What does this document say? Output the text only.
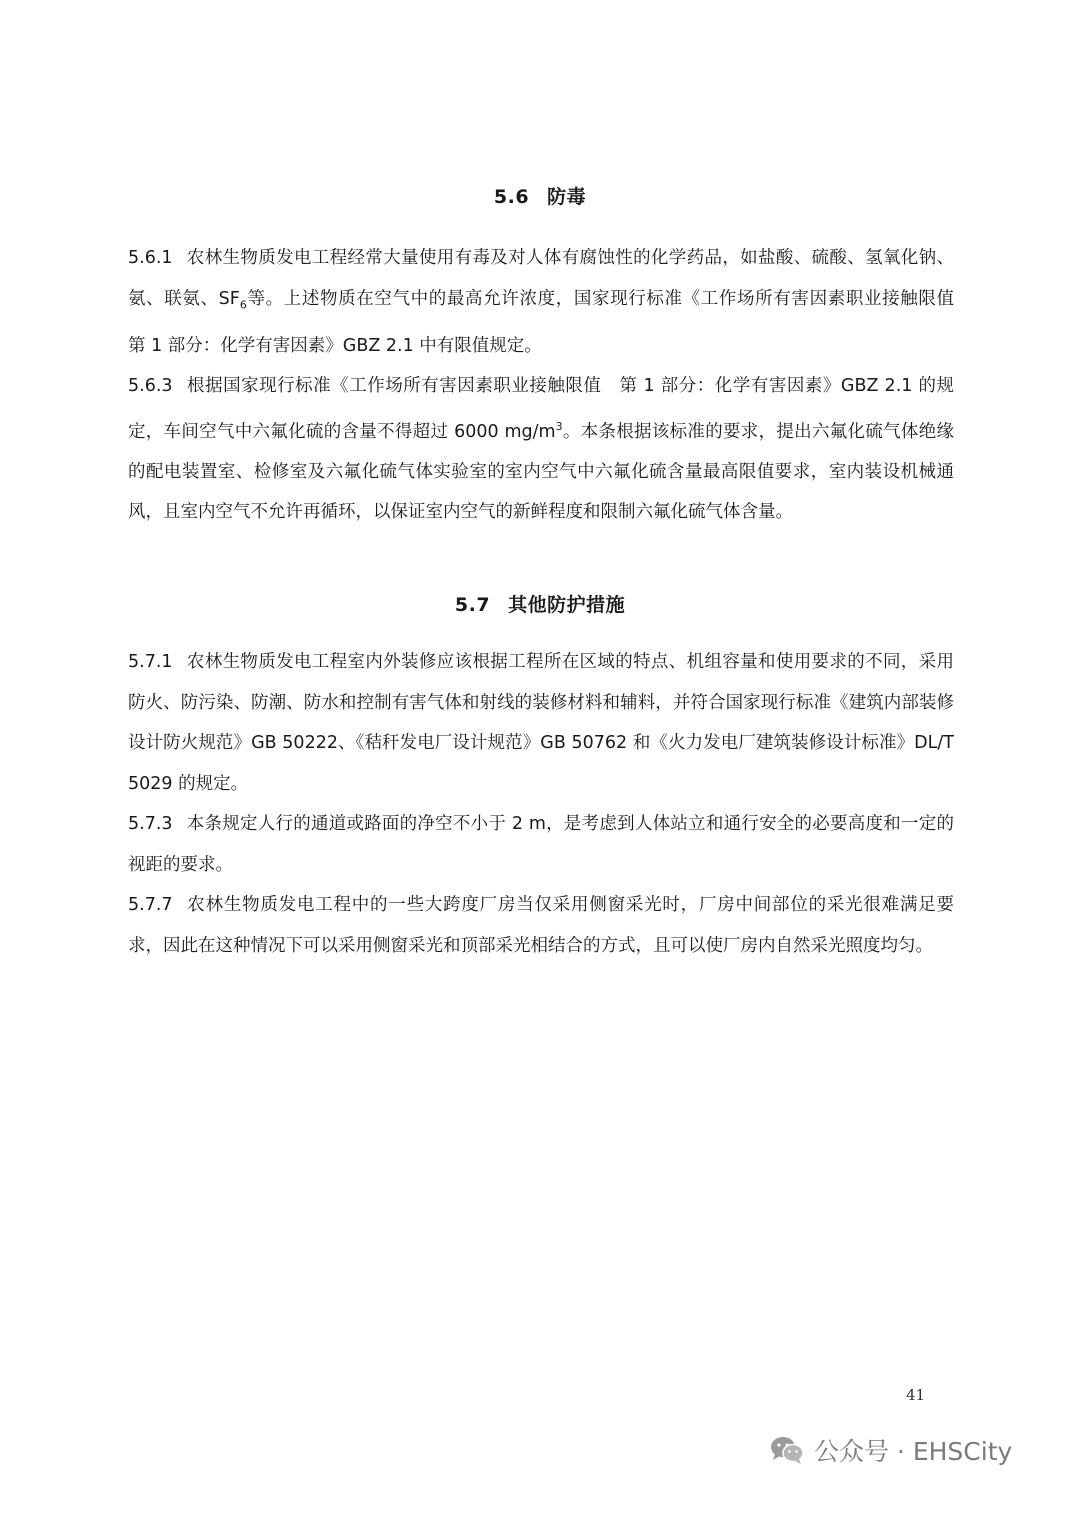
5.6 防毒

5.6.1 农林生物质发电工程经常大量使用有毒及对人体有腐蚀性的化学药品，如盐酸、硫酸、氢氧化钠、氨、联氨、$SF_6$等。上述物质在空气中的最高允许浓度，国家现行标准《工作场所有害因素职业接触限值　第 1 部分：化学有害因素》GBZ 2.1 中有限值规定。

5.6.3 根据国家现行标准《工作场所有害因素职业接触限值　第 1 部分：化学有害因素》GBZ 2.1 的规定，车间空气中六氟化硫的含量不得超过 6000 $mg/m^3$。本条根据该标准的要求，提出六氟化硫气体绝缘的配电装置室、检修室及六氟化硫气体实验室的室内空气中六氟化硫含量最高限值要求，室内装设机械通风，且室内空气不允许再循环，以保证室内空气的新鲜程度和限制六氟化硫气体含量。

5.7 其他防护措施

5.7.1 农林生物质发电工程室内外装修应该根据工程所在区域的特点、机组容量和使用要求的不同，采用防火、防污染、防潮、防水和控制有害气体和射线的装修材料和辅料，并符合国家现行标准《建筑内部装修设计防火规范》GB 50222、《秸秆发电厂设计规范》GB 50762 和《火力发电厂建筑装修设计标准》DL/T 5029 的规定。

5.7.3 本条规定人行的通道或路面的净空不小于 2 m，是考虑到人体站立和通行安全的必要高度和一定的视距的要求。

5.7.7 农林生物质发电工程中的一些大跨度厂房当仅采用侧窗采光时，厂房中间部位的采光很难满足要求，因此在这种情况下可以采用侧窗采光和顶部采光相结合的方式，且可以使厂房内自然采光照度均匀。

41
公众号 · EHSCity
